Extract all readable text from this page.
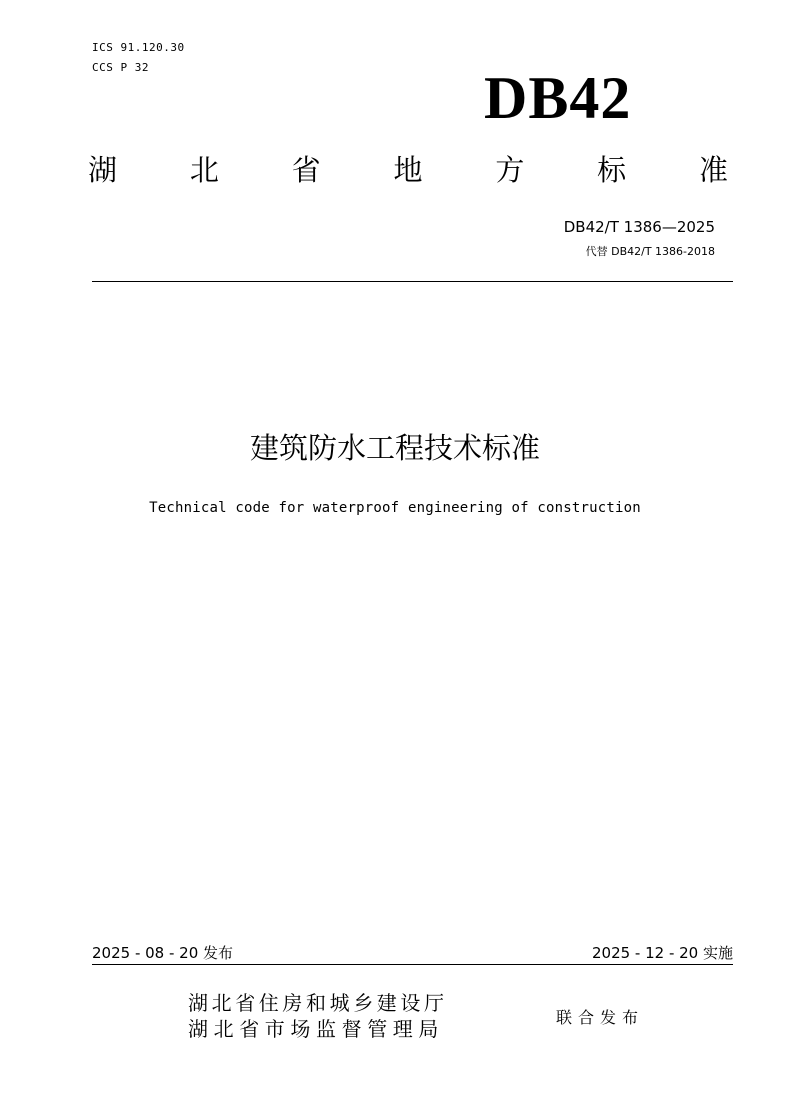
ICS 91.120.30
CCS P 32	DB42
湖	北	省	地	方	标	准
DB42/T 1386—2025
代替 DB42/T 1386-2018
建筑防水工程技术标准
Technical code for waterproof engineering of construction
2025 - 08 - 20 发布	2025 - 12 - 20 实施
湖北省住房和城乡建设厅
湖北省市场监督管理局	联合发布
